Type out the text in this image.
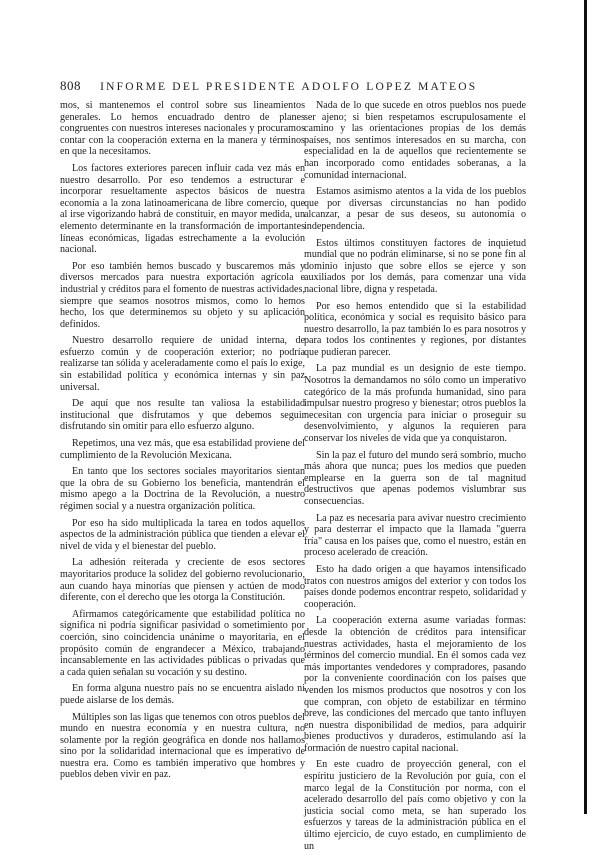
808 INFORME DEL PRESIDENTE ADOLFO LOPEZ MATEOS

mos, si mantenemos el control sobre sus lineamientos generales. Lo hemos encuadrado dentro de planes congruentes con nuestros intereses nacionales y procuramos contar con la cooperación externa en la manera y términos en que la necesitamos.

Los factores exteriores parecen influir cada vez más en nuestro desarrollo. Por eso tendemos a estructurar e incorporar resueltamente aspectos básicos de nuestra economía a la zona latinoamericana de libre comercio, que al irse vigorizando habrá de constituir, en mayor medida, un elemento determinante en la transformación de importantes líneas económicas, ligadas estrechamente a la evolución nacional.

Por eso también hemos buscado y buscaremos más y diversos mercados para nuestra exportación agrícola e industrial y créditos para el fomento de nuestras actividades, siempre que seamos nosotros mismos, como lo hemos hecho, los que determinemos su objeto y su aplicación definidos.

Nuestro desarrollo requiere de unidad interna, de esfuerzo común y de cooperación exterior; no podría realizarse tan sólida y aceleradamente como el país lo exige, sin estabilidad política y económica internas y sin paz universal.

De aquí que nos resulte tan valiosa la estabilidad institucional que disfrutamos y que debemos seguir disfrutando sin omitir para ello esfuerzo alguno.

Repetimos, una vez más, que esa estabilidad proviene del cumplimiento de la Revolución Mexicana.

En tanto que los sectores sociales mayoritarios sientan que la obra de su Gobierno los beneficia, mantendrán el mismo apego a la Doctrina de la Revolución, a nuestro régimen social y a nuestra organización política.

Por eso ha sido multiplicada la tarea en todos aquellos aspectos de la administración pública que tienden a elevar el nivel de vida y el bienestar del pueblo.

La adhesión reiterada y creciente de esos sectores mayoritarios produce la solidez del gobierno revolucionario, aun cuando haya minorías que piensen y actúen de modo diferente, con el derecho que les otorga la Constitución.

Afirmamos categóricamente que estabilidad política no significa ni podría significar pasividad o sometimiento por coerción, sino coincidencia unánime o mayoritaria, en el propósito común de engrandecer a México, trabajando incansablemente en las actividades públicas o privadas que a cada quien señalan su vocación y su destino.

En forma alguna nuestro país no se encuentra aislado ni puede aislarse de los demás.

Múltiples son las ligas que tenemos con otros pueblos del mundo en nuestra economía y en nuestra cultura, no solamente por la región geográfica en donde nos hallamos sino por la solidaridad internacional que es imperativo de nuestra era. Como es también imperativo que hombres y pueblos deben vivir en paz.

Nada de lo que sucede en otros pueblos nos puede ser ajeno; si bien respetamos escrupulosamente el camino y las orientaciones propias de los demás países, nos sentimos interesados en su marcha, con especialidad en la de aquellos que recientemente se han incorporado como entidades soberanas, a la comunidad internacional.

Estamos asimismo atentos a la vida de los pueblos que por diversas circunstancias no han podido alcanzar, a pesar de sus deseos, su autonomía o independencia.

Estos últimos constituyen factores de inquietud mundial que no podrán eliminarse, si no se pone fin al dominio injusto que sobre ellos se ejerce y son auxiliados por los demás, para comenzar una vida nacional libre, digna y respetada.

Por eso hemos entendido que si la estabilidad política, económica y social es requisito básico para nuestro desarrollo, la paz también lo es para nosotros y para todos los continentes y regiones, por distantes que pudieran parecer.

La paz mundial es un designio de este tiempo. Nosotros la demandamos no sólo como un imperativo categórico de la más profunda humanidad, sino para impulsar nuestro progreso y bienestar; otros pueblos la necesitan con urgencia para iniciar o proseguir su desenvolvimiento, y algunos la requieren para conservar los niveles de vida que ya conquistaron.

Sin la paz el futuro del mundo será sombrío, mucho más ahora que nunca; pues los medios que pueden emplearse en la guerra son de tal magnitud destructivos que apenas podemos vislumbrar sus consecuencias.

La paz es necesaria para avivar nuestro crecimiento y para desterrar el impacto que la llamada "guerra fría" causa en los países que, como el nuestro, están en proceso acelerado de creación.

Esto ha dado origen a que hayamos intensificado tratos con nuestros amigos del exterior y con todos los países donde podemos encontrar respeto, solidaridad y cooperación.

La cooperación externa asume variadas formas: desde la obtención de créditos para intensificar nuestras actividades, hasta el mejoramiento de los términos del comercio mundial. En él somos cada vez más importantes vendedores y compradores, pasando por la conveniente coordinación con los países que venden los mismos productos que nosotros y con los que compran, con objeto de estabilizar en término breve, las condiciones del mercado que tanto influyen en nuestra disponibilidad de medios, para adquirir bienes productivos y duraderos, estimulando así la formación de nuestro capital nacional.

En este cuadro de proyección general, con el espíritu justiciero de la Revolución por guía, con el marco legal de la Constitución por norma, con el acelerado desarrollo del país como objetivo y con la justicia social como meta, se han superado los esfuerzos y tareas de la administración pública en el último ejercicio, de cuyo estado, en cumplimiento de un
